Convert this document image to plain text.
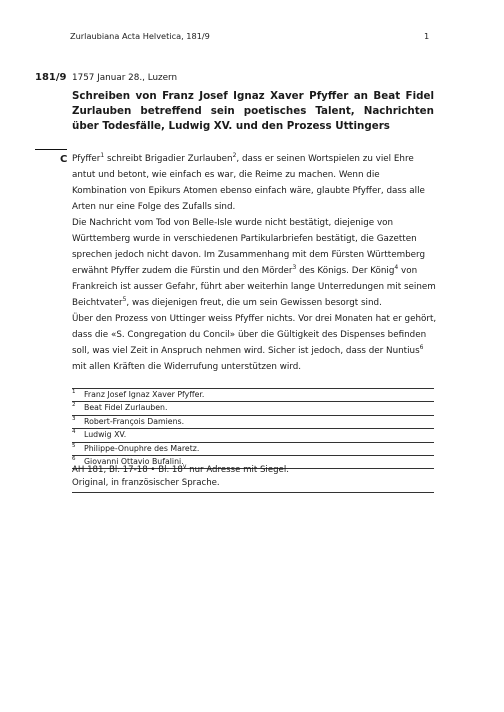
Zurlaubiana Acta Helvetica, 181/9	1
181/9 1757 Januar 28., Luzern
Schreiben von Franz Josef Ignaz Xaver Pfyffer an Beat Fidel Zurlauben betreffend sein poetisches Talent, Nachrichten über Todesfälle, Ludwig XV. und den Prozess Uttingers
C Pfyffer$^1$ schreibt Brigadier Zurlauben$^2$, dass er seinen Wortspielen zu viel Ehre antut und betont, wie einfach es war, die Reime zu machen. Wenn die Kombination von Epikurs Atomen ebenso einfach wäre, glaubte Pfyffer, dass alle Arten nur eine Folge des Zufalls sind.

Die Nachricht vom Tod von Belle-Isle wurde nicht bestätigt, diejenige von Württemberg wurde in verschiedenen Partikularbriefen bestätigt, die Gazetten sprechen jedoch nicht davon. Im Zusammenhang mit dem Fürsten Württemberg erwähnt Pfyffer zudem die Fürstin und den Mörder$^3$ des Königs. Der König$^4$ von Frankreich ist ausser Gefahr, führt aber weiterhin lange Unterredungen mit seinem Beichtvater$^5$, was diejenigen freut, die um sein Gewissen besorgt sind.

Über den Prozess von Uttinger weiss Pfyffer nichts. Vor drei Monaten hat er gehört, dass die «S. Congregation du Concil» über die Gültigkeit des Dispenses befinden soll, was viel Zeit in Anspruch nehmen wird. Sicher ist jedoch, dass der Nuntius$^6$ mit allen Kräften die Widerrufung unterstützen wird.

1 Franz Josef Ignaz Xaver Pfyffer.
2 Beat Fidel Zurlauben.
3 Robert-François Damiens.
4 Ludwig XV.
5 Philippe-Onuphre des Maretz.
6 Giovanni Ottavio Bufalini.
AH 181, Bl. 17-18 • Bl. 18$^v$ nur Adresse mit Siegel.
Original, in französischer Sprache.
